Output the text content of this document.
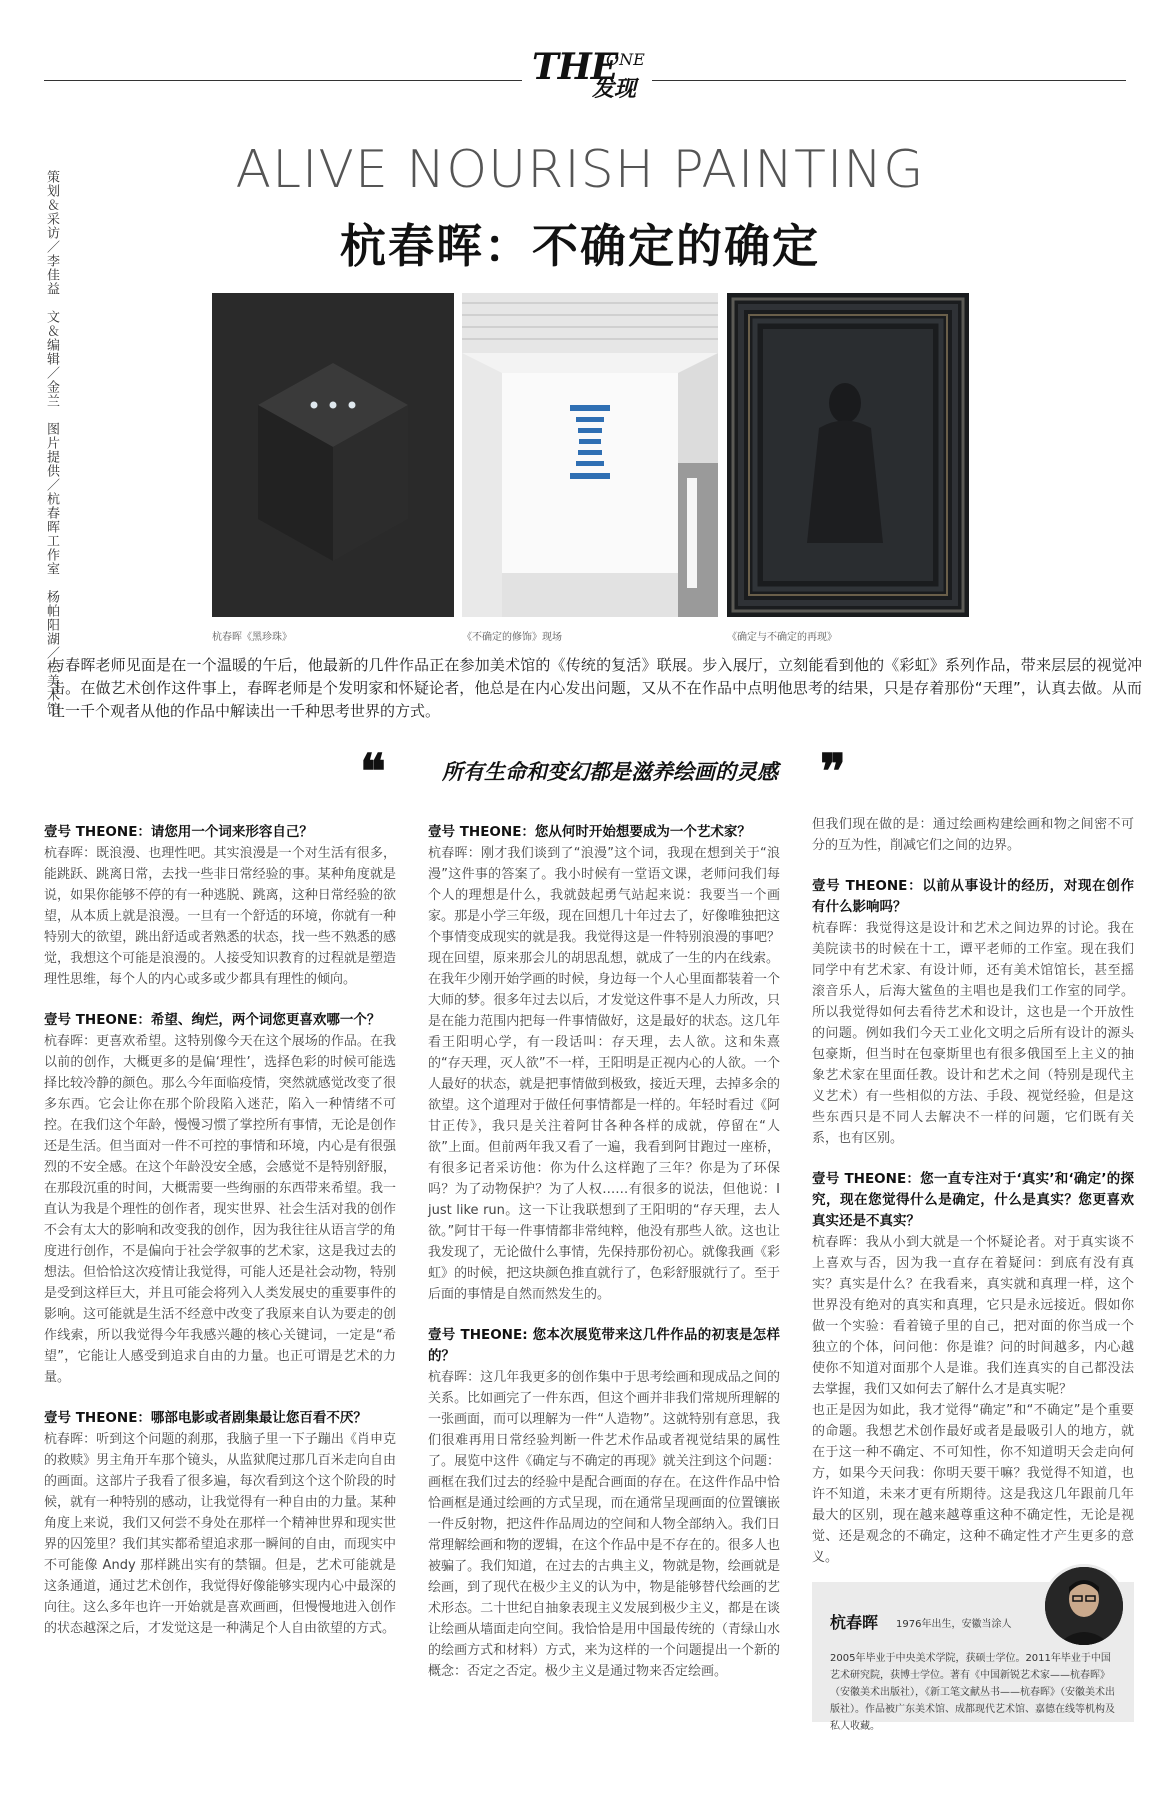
THE
ONE
发现
策划＆采访／李佳益　文＆编辑／金兰　图片提供／杭春晖工作室　杨帕阳湖／松美术馆	ALIVE NOURISH PAINTING
杭春晖：不确定的确定
杭春晖《黑珍珠》	《不确定的修饰》现场	《确定与不确定的再现》
与春晖老师见面是在一个温暖的午后，他最新的几件作品正在参加美术馆的《传统的复活》联展。步入展厅，立刻能看到他的《彩虹》系列作品，带来层层的视觉冲击。在做艺术创作这件事上，春晖老师是个发明家和怀疑论者，他总是在内心发出问题，又从不在作品中点明他思考的结果，只是存着那份“天理”，认真去做。从而让一千个观者从他的作品中解读出一千种思考世界的方式。
❝	所有生命和变幻都是滋养绘画的灵感 ❞

壹号 THEONE：请您用一个词来形容自己？

杭春晖：既浪漫、也理性吧。其实浪漫是一个对生活有很多，能跳跃、跳离日常，去找一些非日常经验的事。某种角度就是说，如果你能够不停的有一种逃脱、跳离，这种日常经验的欲望，从本质上就是浪漫。一旦有一个舒适的环境，你就有一种特别大的欲望，跳出舒适或者熟悉的状态，找一些不熟悉的感觉，我想这个可能是浪漫的。人接受知识教育的过程就是塑造理性思维，每个人的内心或多或少都具有理性的倾向。

壹号 THEONE：希望、绚烂，两个词您更喜欢哪一个？

杭春晖：更喜欢希望。这特别像今天在这个展场的作品。在我以前的创作，大概更多的是偏‘理性’，选择色彩的时候可能选择比较冷静的颜色。那么今年面临疫情，突然就感觉改变了很多东西。它会让你在那个阶段陷入迷茫，陷入一种情绪不可控。在我们这个年龄，慢慢习惯了掌控所有事情，无论是创作还是生活。但当面对一件不可控的事情和环境，内心是有很强烈的不安全感。在这个年龄没安全感，会感觉不是特别舒服，在那段沉重的时间，大概需要一些绚丽的东西带来希望。我一直认为我是个理性的创作者，现实世界、社会生活对我的创作不会有太大的影响和改变我的创作，因为我往往从语言学的角度进行创作，不是偏向于社会学叙事的艺术家，这是我过去的想法。但恰恰这次疫情让我觉得，可能人还是社会动物，特别是受到这样巨大，并且可能会将列入人类发展史的重要事件的影响。这可能就是生活不经意中改变了我原来自认为要走的创作线索，所以我觉得今年我感兴趣的核心关键词，一定是“希望”，它能让人感受到追求自由的力量。也正可谓是艺术的力量。

壹号 THEONE：哪部电影或者剧集最让您百看不厌？

杭春晖：听到这个问题的刹那，我脑子里一下子蹦出《肖申克的救赎》男主角开车那个镜头，从监狱爬过那几百米走向自由的画面。这部片子我看了很多遍，每次看到这个这个阶段的时候，就有一种特别的感动，让我觉得有一种自由的力量。某种角度上来说，我们又何尝不身处在那样一个精神世界和现实世界的囚笼里？我们其实都希望追求那一瞬间的自由，而现实中不可能像 Andy 那样跳出实有的禁锢。但是，艺术可能就是这条通道，通过艺术创作，我觉得好像能够实现内心中最深的向往。这么多年也许一开始就是喜欢画画，但慢慢地进入创作的状态越深之后，才发觉这是一种满足个人自由欲望的方式。

壹号 THEONE：您从何时开始想要成为一个艺术家？

杭春晖：刚才我们谈到了“浪漫”这个词，我现在想到关于“浪漫”这件事的答案了。我小时候有一堂语文课，老师问我们每个人的理想是什么，我就鼓起勇气站起来说：我要当一个画家。那是小学三年级，现在回想几十年过去了，好像唯独把这个事情变成现实的就是我。我觉得这是一件特别浪漫的事吧？现在回望，原来那会儿的胡思乱想，就成了一生的内在线索。
在我年少刚开始学画的时候，身边每一个人心里面都装着一个大师的梦。很多年过去以后，才发觉这件事不是人力所改，只是在能力范围内把每一件事情做好，这是最好的状态。这几年看王阳明心学，有一段话叫：存天理，去人欲。这和朱熹的“存天理，灭人欲”不一样，王阳明是正视内心的人欲。一个人最好的状态，就是把事情做到极致，接近天理，去掉多余的欲望。这个道理对于做任何事情都是一样的。年轻时看过《阿甘正传》，我只是关注着阿甘各种各样的成就，停留在“人欲”上面。但前两年我又看了一遍，我看到阿甘跑过一座桥，有很多记者采访他：你为什么这样跑了三年？你是为了环保吗？为了动物保护？为了人权……有很多的说法，但他说：I just like run。这一下让我联想到了王阳明的“存天理，去人欲。”阿甘干每一件事情都非常纯粹，他没有那些人欲。这也让我发现了，无论做什么事情，先保持那份初心。就像我画《彩虹》的时候，把这块颜色推直就行了，色彩舒服就行了。至于后面的事情是自然而然发生的。

壹号 THEONE: 您本次展览带来这几件作品的初衷是怎样的？

杭春晖：这几年我更多的创作集中于思考绘画和现成品之间的关系。比如画完了一件东西，但这个画并非我们常规所理解的一张画面，而可以理解为一件“人造物”。这就特别有意思，我们很难再用日常经验判断一件艺术作品或者视觉结果的属性了。展览中这件《确定与不确定的再现》就关注到这个问题：画框在我们过去的经验中是配合画面的存在。在这件作品中恰恰画框是通过绘画的方式呈现，而在通常呈现画面的位置镶嵌一件反射物，把这件作品周边的空间和人物全部纳入。我们日常理解绘画和物的逻辑，在这个作品中是不存在的。很多人也被骗了。我们知道，在过去的古典主义，物就是物，绘画就是绘画，到了现代在极少主义的认为中，物是能够替代绘画的艺术形态。二十世纪自抽象表现主义发展到极少主义，都是在谈让绘画从墙面走向空间。我恰恰是用中国最传统的（青绿山水的绘画方式和材料）方式，来为这样的一个问题提出一个新的概念：否定之否定。极少主义是通过物来否定绘画。

但我们现在做的是：通过绘画构建绘画和物之间密不可分的互为性，削减它们之间的边界。

壹号 THEONE：以前从事设计的经历，对现在创作有什么影响吗？

杭春晖：我觉得这是设计和艺术之间边界的讨论。我在美院读书的时候在十工，谭平老师的工作室。现在我们同学中有艺术家、有设计师，还有美术馆馆长，甚至摇滚音乐人，后海大鲨鱼的主唱也是我们工作室的同学。所以我觉得如何去看待艺术和设计，这也是一个开放性的问题。例如我们今天工业化文明之后所有设计的源头包豪斯，但当时在包豪斯里也有很多俄国至上主义的抽象艺术家在里面任教。设计和艺术之间（特别是现代主义艺术）有一些相似的方法、手段、视觉经验，但是这些东西只是不同人去解决不一样的问题，它们既有关系，也有区别。

壹号 THEONE：您一直专注对于‘真实’和‘确定’的探究，现在您觉得什么是确定，什么是真实？您更喜欢真实还是不真实？

杭春晖：我从小到大就是一个怀疑论者。对于真实谈不上喜欢与否，因为我一直存在着疑问：到底有没有真实？真实是什么？在我看来，真实就和真理一样，这个世界没有绝对的真实和真理，它只是永远接近。假如你做一个实验：看着镜子里的自己，把对面的你当成一个独立的个体，问问他：你是谁？问的时间越多，内心越使你不知道对面那个人是谁。我们连真实的自己都没法去掌握，我们又如何去了解什么才是真实呢？
也正是因为如此，我才觉得“确定”和“不确定”是个重要的命题。我想艺术创作最好或者是最吸引人的地方，就在于这一种不确定、不可知性，你不知道明天会走向何方，如果今天问我：你明天要干嘛？我觉得不知道，也许不知道，未来才更有所期待。这是我这几年跟前几年最大的区别，现在越来越尊重这种不确定性，无论是视觉、还是观念的不确定，这种不确定性才产生更多的意义。

杭春晖 1976年出生，安徽当涂人
2005年毕业于中央美术学院，获硕士学位。2011年毕业于中国艺术研究院，获博士学位。著有《中国新锐艺术家——杭春晖》（安徽美术出版社），《新工笔文献丛书——杭春晖》（安徽美术出版社）。作品被广东美术馆、成都现代艺术馆、嘉德在线等机构及私人收藏。
